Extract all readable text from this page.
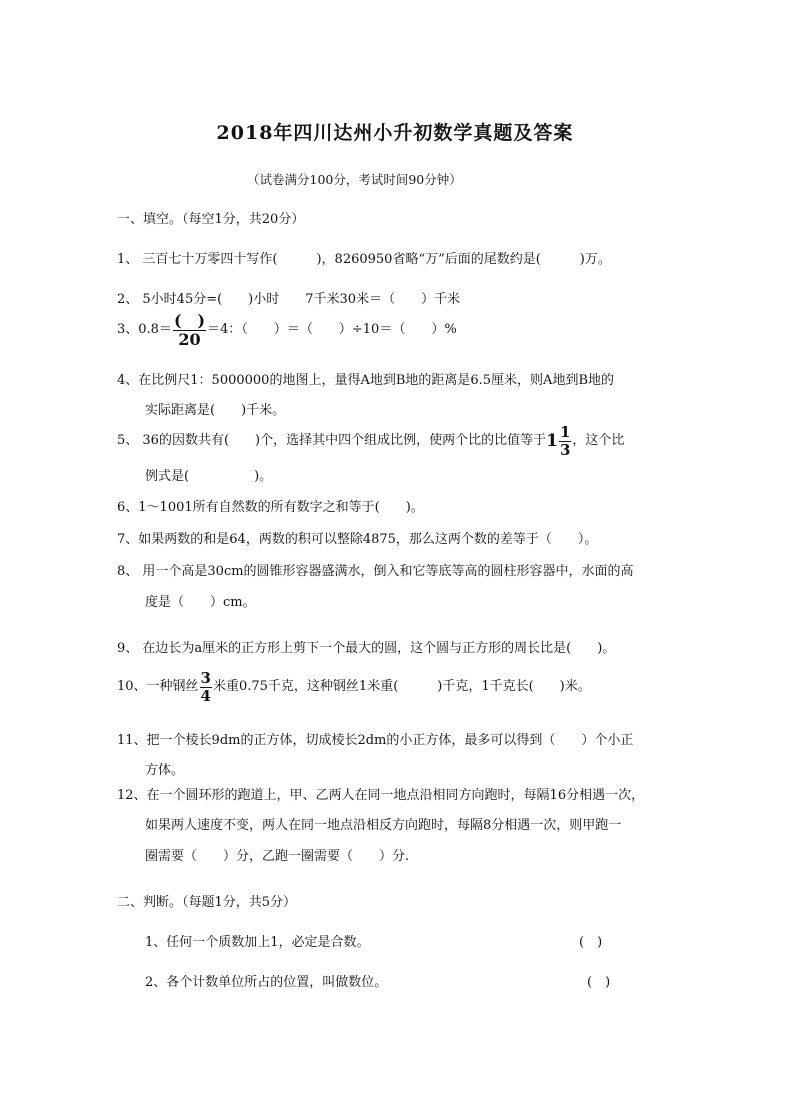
2018年四川达州小升初数学真题及答案
（试卷满分100分，考试时间90分钟）
一、填空。（每空1分，共20分）
1、 三百七十万零四十写作(　　　)，8260950省略“万”后面的尾数约是(　　　)万。
2、 5小时45分=(　　)小时　　7千米30米＝（　　）千米
3、$0.8= \frac{( )}{20} =4$：（　　）＝（　　）÷10＝（　　）%
4、在比例尺1：5000000的地图上，量得A地到B地的距离是6.5厘米，则A地到B地的
实际距离是(　　)千米。
5、 36的因数共有(　　)个，选择其中四个组成比例，使两个比的比值等于 $1 \frac{1}{3}$ ，这个比
例式是(　　　　　)。
6、1～1001所有自然数的所有数字之和等于(　　)。
7、如果两数的和是64，两数的积可以整除4875，那么这两个数的差等于（　　）。
8、 用一个高是30cm的圆锥形容器盛满水，倒入和它等底等高的圆柱形容器中，水面的高
度是（　　）cm。
9、 在边长为a厘米的正方形上剪下一个最大的圆，这个圆与正方形的周长比是(　　)。
10、一种钢丝 $\frac{3}{4}$ 米重0.75千克，这种钢丝1米重(　　　)千克，1千克长(　　)米。
11、把一个棱长9dm的正方体，切成棱长2dm的小正方体，最多可以得到（　　）个小正
方体。
12、在一个圆环形的跑道上，甲、乙两人在同一地点沿相同方向跑时，每隔16分相遇一次，
如果两人速度不变，两人在同一地点沿相反方向跑时，每隔8分相遇一次，则甲跑一
圈需要（　　）分，乙跑一圈需要（　　）分.
二、判断。（每题1分，共5分）
1、任何一个质数加上1，必定是合数。	(　)
2、各个计数单位所占的位置，叫做数位。	(　)
